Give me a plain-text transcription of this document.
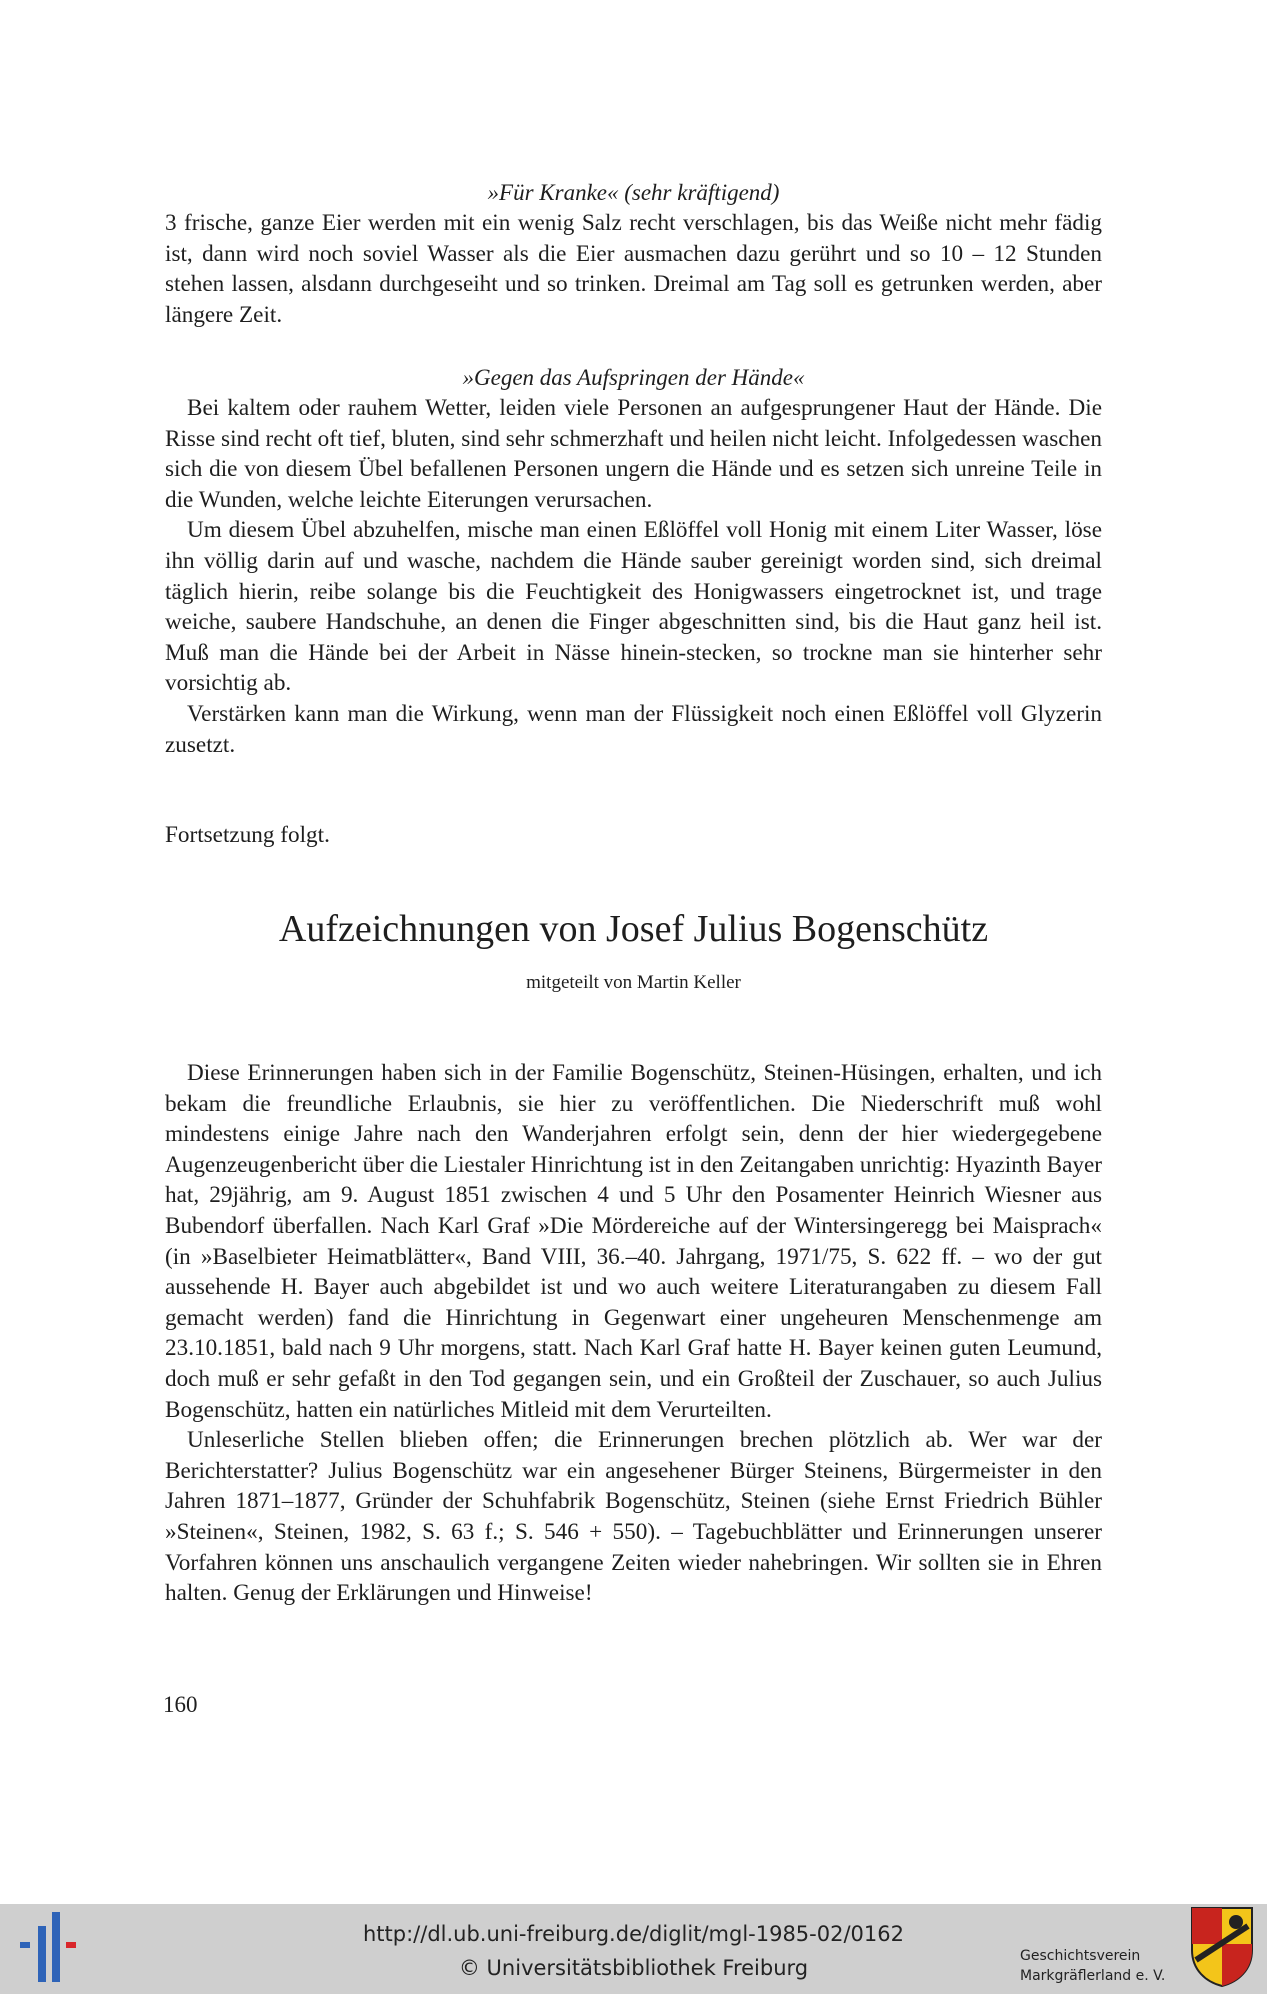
»Für Kranke« (sehr kräftigend)

3 frische, ganze Eier werden mit ein wenig Salz recht verschlagen, bis das Weiße nicht mehr fädig ist, dann wird noch soviel Wasser als die Eier ausmachen dazu gerührt und so 10 – 12 Stunden stehen lassen, alsdann durchgeseiht und so trinken. Dreimal am Tag soll es getrunken werden, aber längere Zeit.

»Gegen das Aufspringen der Hände«

Bei kaltem oder rauhem Wetter, leiden viele Personen an aufgesprungener Haut der Hände. Die Risse sind recht oft tief, bluten, sind sehr schmerzhaft und heilen nicht leicht. Infolgedessen waschen sich die von diesem Übel befallenen Personen ungern die Hände und es setzen sich unreine Teile in die Wunden, welche leichte Eiterungen verursachen.

Um diesem Übel abzuhelfen, mische man einen Eßlöffel voll Honig mit einem Liter Wasser, löse ihn völlig darin auf und wasche, nachdem die Hände sauber gereinigt worden sind, sich dreimal täglich hierin, reibe solange bis die Feuchtigkeit des Honigwassers eingetrocknet ist, und trage weiche, saubere Handschuhe, an denen die Finger abgeschnitten sind, bis die Haut ganz heil ist. Muß man die Hände bei der Arbeit in Nässe hinein-stecken, so trockne man sie hinterher sehr vorsichtig ab.

Verstärken kann man die Wirkung, wenn man der Flüssigkeit noch einen Eßlöffel voll Glyzerin zusetzt.

Fortsetzung folgt.

Aufzeichnungen von Josef Julius Bogenschütz

mitgeteilt von Martin Keller

Diese Erinnerungen haben sich in der Familie Bogenschütz, Steinen-Hüsingen, erhalten, und ich bekam die freundliche Erlaubnis, sie hier zu veröffentlichen. Die Niederschrift muß wohl mindestens einige Jahre nach den Wanderjahren erfolgt sein, denn der hier wiedergegebene Augenzeugenbericht über die Liestaler Hinrichtung ist in den Zeitangaben unrichtig: Hyazinth Bayer hat, 29jährig, am 9. August 1851 zwischen 4 und 5 Uhr den Posamenter Heinrich Wiesner aus Bubendorf überfallen. Nach Karl Graf »Die Mördereiche auf der Wintersingeregg bei Maisprach« (in »Baselbieter Heimatblätter«, Band VIII, 36.–40. Jahrgang, 1971/75, S. 622 ff. – wo der gut aussehende H. Bayer auch abgebildet ist und wo auch weitere Literaturangaben zu diesem Fall gemacht werden) fand die Hinrichtung in Gegenwart einer ungeheuren Menschenmenge am 23.10.1851, bald nach 9 Uhr morgens, statt. Nach Karl Graf hatte H. Bayer keinen guten Leumund, doch muß er sehr gefaßt in den Tod gegangen sein, und ein Großteil der Zuschauer, so auch Julius Bogenschütz, hatten ein natürliches Mitleid mit dem Verurteilten.

Unleserliche Stellen blieben offen; die Erinnerungen brechen plötzlich ab. Wer war der Berichterstatter? Julius Bogenschütz war ein angesehener Bürger Steinens, Bürgermeister in den Jahren 1871–1877, Gründer der Schuhfabrik Bogenschütz, Steinen (siehe Ernst Friedrich Bühler »Steinen«, Steinen, 1982, S. 63 f.; S. 546 + 550). – Tagebuchblätter und Erinnerungen unserer Vorfahren können uns anschaulich vergangene Zeiten wieder nahebringen. Wir sollten sie in Ehren halten. Genug der Erklärungen und Hinweise!

160

http://dl.ub.uni-freiburg.de/diglit/mgl-1985-02/0162
© Universitätsbibliothek Freiburg	Geschichtsverein
Markgräflerland e. V.
